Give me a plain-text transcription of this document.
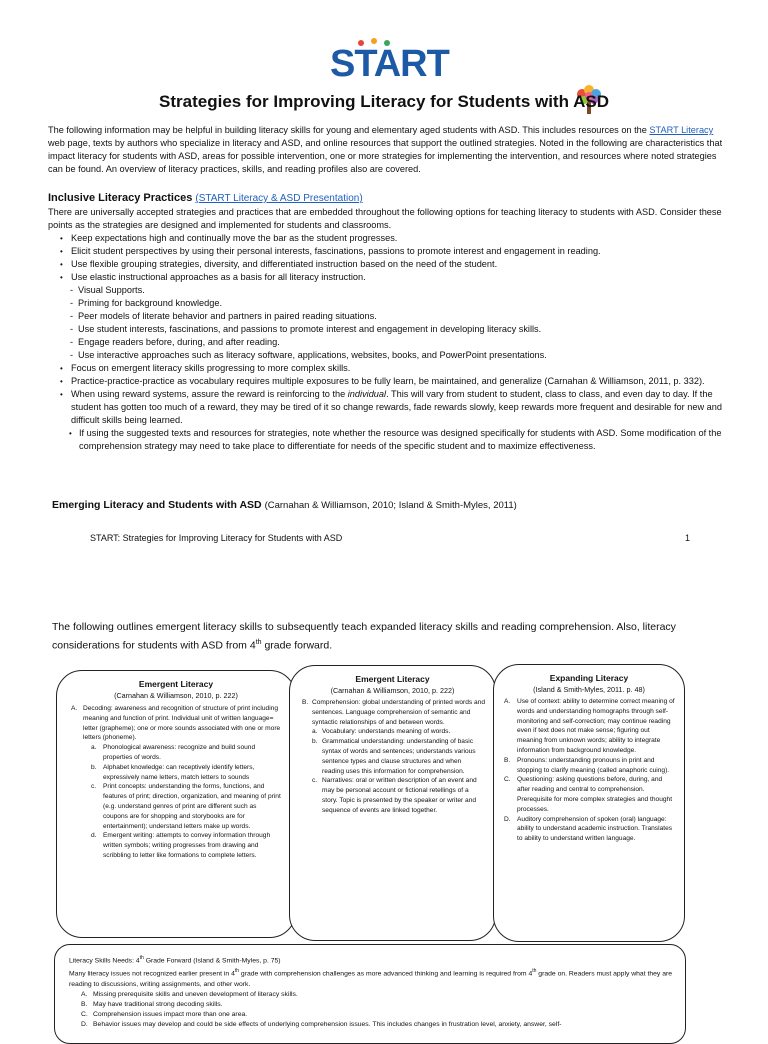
START
Strategies for Improving Literacy for Students with ASD
The following information may be helpful in building literacy skills for young and elementary aged students with ASD. This includes resources on the START Literacy web page, texts by authors who specialize in literacy and ASD, and online resources that support the outlined strategies. Noted in the following are characteristics that impact literacy for students with ASD, areas for possible intervention, one or more strategies for implementing the intervention, and resources where noted strategies can be found. An overview of literacy practices, skills, and reading profiles also are covered.
Inclusive Literacy Practices (START Literacy & ASD Presentation)
There are universally accepted strategies and practices that are embedded throughout the following options for teaching literacy to students with ASD. Consider these points as the strategies are designed and implemented for students and classrooms.
• Keep expectations high and continually move the bar as the student progresses.
• Elicit student perspectives by using their personal interests, fascinations, passions to promote interest and engagement in reading.
• Use flexible grouping strategies, diversity, and differentiated instruction based on the need of the student.
• Use elastic instructional approaches as a basis for all literacy instruction.
- Visual Supports.
- Priming for background knowledge.
- Peer models of literate behavior and partners in paired reading situations.
- Use student interests, fascinations, and passions to promote interest and engagement in developing literacy skills.
- Engage readers before, during, and after reading.
- Use interactive approaches such as literacy software, applications, websites, books, and PowerPoint presentations.
• Focus on emergent literacy skills progressing to more complex skills.
• Practice-practice-practice as vocabulary requires multiple exposures to be fully learn, be maintained, and generalize (Carnahan & Williamson, 2011, p. 332).
• When using reward systems, assure the reward is reinforcing to the individual. This will vary from student to student, class to class, and even day to day. If the student has gotten too much of a reward, they may be tired of it so change rewards, fade rewards slowly, keep rewards more frequent and desirable for new and difficult skills being learned.
• If using the suggested texts and resources for strategies, note whether the resource was designed specifically for students with ASD. Some modification of the comprehension strategy may need to take place to differentiate for needs of the specific student and to maximize effectiveness.
Emerging Literacy and Students with ASD (Carnahan & Williamson, 2010; Island & Smith-Myles, 2011)
START: Strategies for Improving Literacy for Students with ASD	1
The following outlines emergent literacy skills to subsequently teach expanded literacy skills and reading comprehension. Also, literacy considerations for students with ASD from 4th grade forward.
Emergent Literacy
(Carnahan & Williamson, 2010, p. 222)
A. Decoding: awareness and recognition of structure of print including meaning and function of print. Individual unit of written language= letter (grapheme); one or more sounds associated with one or more letters (phoneme).
a. Phonological awareness: recognize and build sound properties of words.
b. Alphabet knowledge: can receptively identify letters, expressively name letters, match letters to sounds
c. Print concepts: understanding the forms, functions, and features of print; direction, organization, and meaning of print (e.g. understand genres of print are different such as coupons are for shopping and storybooks are for entertainment); understand letters make up words.
d. Emergent writing: attempts to convey information through written symbols; writing progresses from drawing and scribbling to letter like formations to complete letters.
Emergent Literacy
(Carnahan & Williamson, 2010, p. 222)
B. Comprehension: global understanding of printed words and sentences. Language comprehension of semantic and syntactic relationships of and between words.
a. Vocabulary: understands meaning of words.
b. Grammatical understanding: understanding of basic syntax of words and sentences; understands various sentence types and clause structures and when reading uses this information for comprehension.
c. Narratives: oral or written description of an event and may be personal account or fictional retellings of a story. Topic is presented by the speaker or writer and sequence of events are linked together.
Expanding Literacy
(Island & Smith-Myles, 2011. p. 48)
A. Use of context: ability to determine correct meaning of words and understanding homographs through self-monitoring and self-correction; may continue reading even if text does not make sense; figuring out meaning from unknown words; ability to integrate information from background knowledge.
B. Pronouns: understanding pronouns in print and stopping to clarify meaning (called anaphoric cuing).
C. Questioning: asking questions before, during, and after reading and central to comprehension. Prerequisite for more complex strategies and thought processes.
D. Auditory comprehension of spoken (oral) language: ability to understand academic instruction. Translates to ability to understand written language.
Literacy Skills Needs: 4th Grade Forward (Island & Smith-Myles, p. 75)
Many literacy issues not recognized earlier present in 4th grade with comprehension challenges as more advanced thinking and learning is required from 4th grade on. Readers must apply what they are reading to discussions, writing assignments, and other work.
A. Missing prerequisite skills and uneven development of literacy skills.
B. May have traditional strong decoding skills.
C. Comprehension issues impact more than one area.
D. Behavior issues may develop and could be side effects of underlying comprehension issues. This includes changes in frustration level, anxiety, answer, self-
